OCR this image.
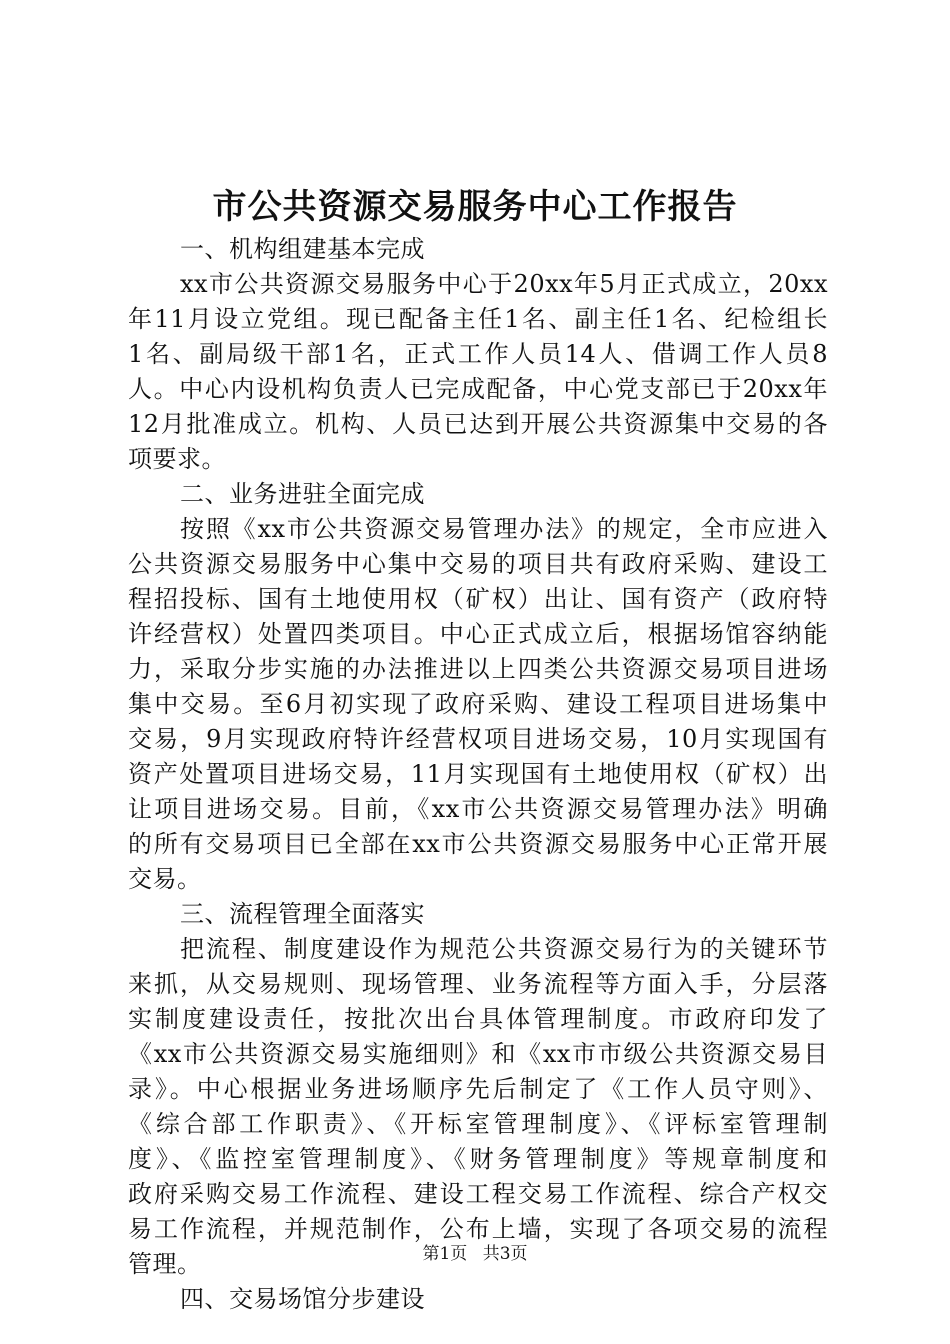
市公共资源交易服务中心工作报告
一、机构组建基本完成
xx市公共资源交易服务中心于20xx年5月正式成立，20xx
年11月设立党组。现已配备主任1名、副主任1名、纪检组长
1名、副局级干部1名，正式工作人员14人、借调工作人员8
人。中心内设机构负责人已完成配备，中心党支部已于20xx年
12月批准成立。机构、人员已达到开展公共资源集中交易的各
项要求。
二、业务进驻全面完成
按照《xx市公共资源交易管理办法》的规定，全市应进入
公共资源交易服务中心集中交易的项目共有政府采购、建设工
程招投标、国有土地使用权（矿权）出让、国有资产（政府特
许经营权）处置四类项目。中心正式成立后，根据场馆容纳能
力，采取分步实施的办法推进以上四类公共资源交易项目进场
集中交易。至6月初实现了政府采购、建设工程项目进场集中
交易，9月实现政府特许经营权项目进场交易，10月实现国有
资产处置项目进场交易，11月实现国有土地使用权（矿权）出
让项目进场交易。目前，《xx市公共资源交易管理办法》明确
的所有交易项目已全部在xx市公共资源交易服务中心正常开展
交易。
三、流程管理全面落实
把流程、制度建设作为规范公共资源交易行为的关键环节
来抓，从交易规则、现场管理、业务流程等方面入手，分层落
实制度建设责任，按批次出台具体管理制度。市政府印发了
《xx市公共资源交易实施细则》和《xx市市级公共资源交易目
录》。中心根据业务进场顺序先后制定了《工作人员守则》、
《综合部工作职责》、《开标室管理制度》、《评标室管理制
度》、《监控室管理制度》、《财务管理制度》等规章制度和
政府采购交易工作流程、建设工程交易工作流程、综合产权交
易工作流程，并规范制作，公布上墙，实现了各项交易的流程
管理。
四、交易场馆分步建设
第1页 共3页
